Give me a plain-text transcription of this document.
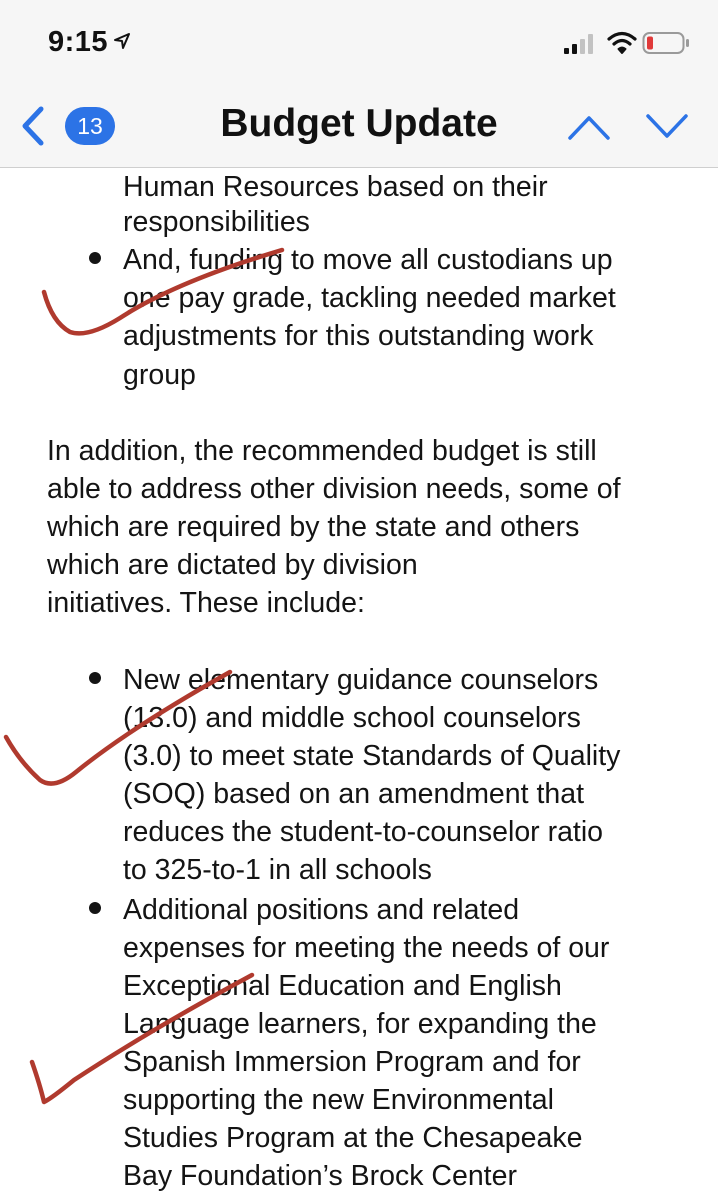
9:15
13	Budget Update
Human Resources based on their
responsibilities
And, funding to move all custodians up
one pay grade, tackling needed market
adjustments for this outstanding work
group
In addition, the recommended budget is still
able to address other division needs, some of
which are required by the state and others
which are dictated by division
initiatives. These include:
New elementary guidance counselors
(13.0) and middle school counselors
(3.0) to meet state Standards of Quality
(SOQ) based on an amendment that
reduces the student-to-counselor ratio
to 325-to-1 in all schools
Additional positions and related
expenses for meeting the needs of our
Exceptional Education and English
Language learners, for expanding the
Spanish Immersion Program and for
supporting the new Environmental
Studies Program at the Chesapeake
Bay Foundation’s Brock Center
